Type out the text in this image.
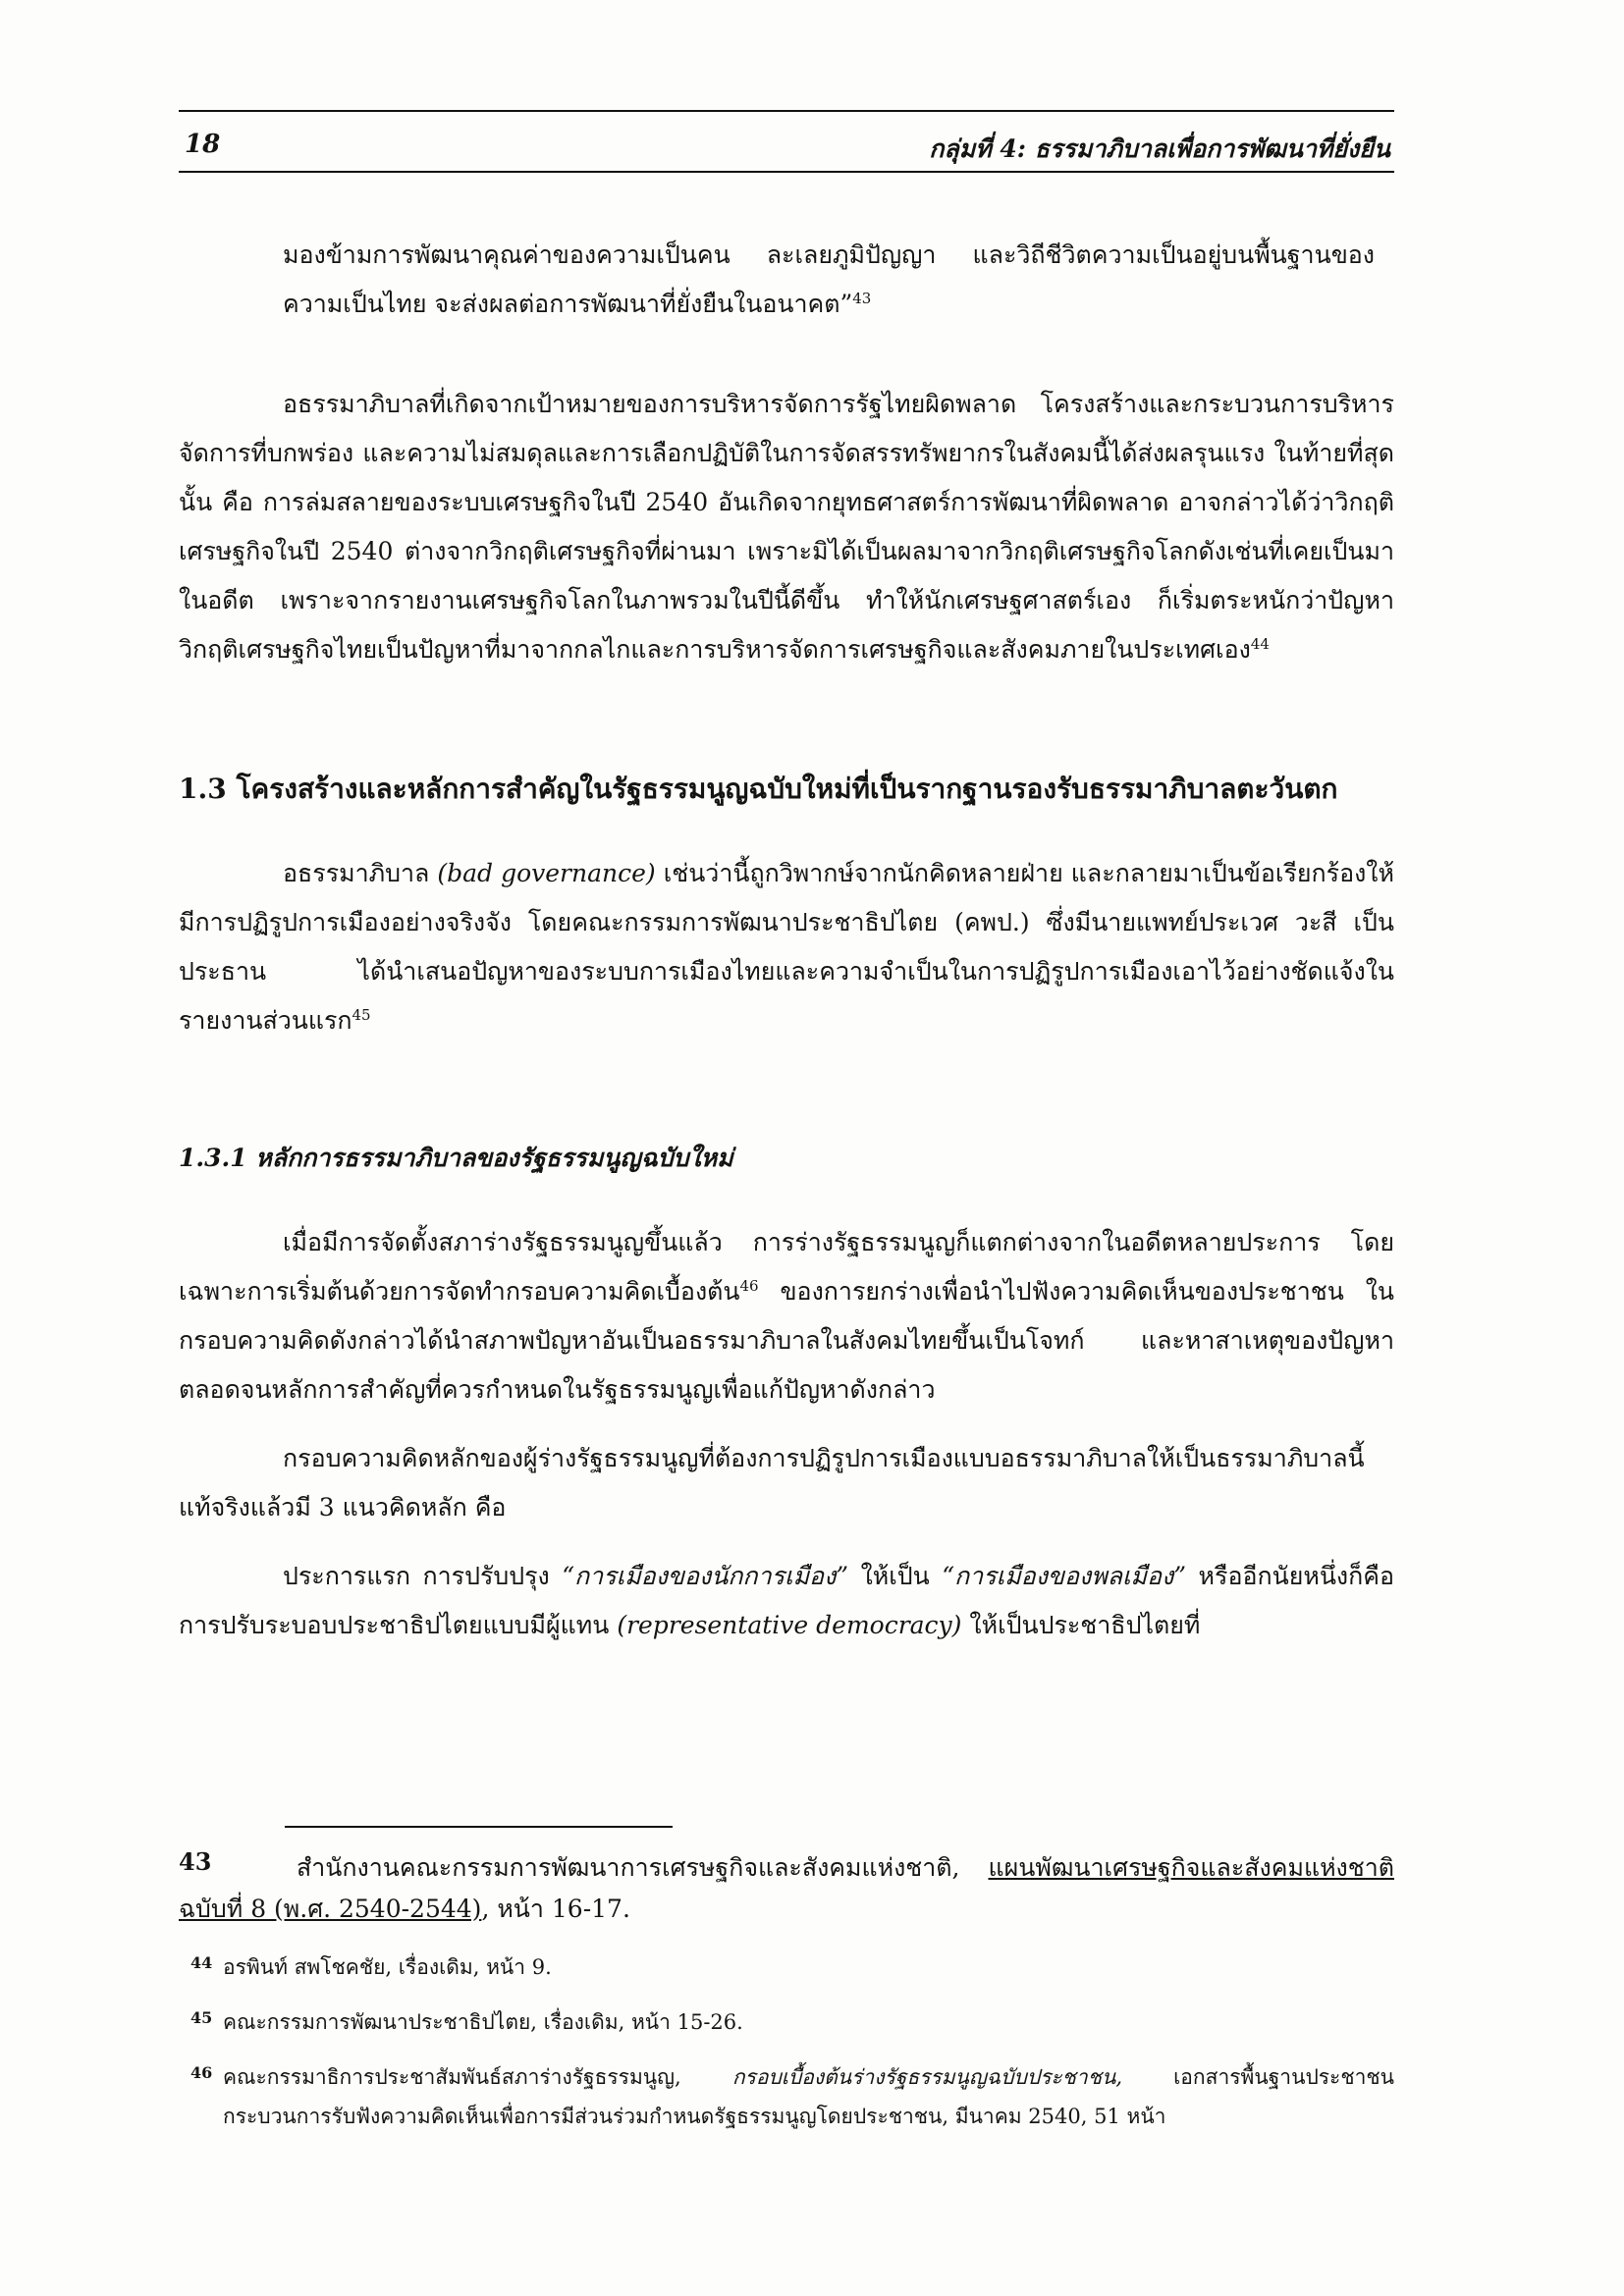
18	กลุ่มที่ 4: ธรรมาภิบาลเพื่อการพัฒนาที่ยั่งยืน

มองข้ามการพัฒนาคุณค่าของความเป็นคน ละเลยภูมิปัญญา และวิถีชีวิตความเป็นอยู่บนพื้นฐานของความเป็นไทย จะส่งผลต่อการพัฒนาที่ยั่งยืนในอนาคต”$^{43}$

อธรรมาภิบาลที่เกิดจากเป้าหมายของการบริหารจัดการรัฐไทยผิดพลาด โครงสร้างและกระบวนการบริหารจัดการที่บกพร่อง และความไม่สมดุลและการเลือกปฏิบัติในการจัดสรรทรัพยากรในสังคมนี้ได้ส่งผลรุนแรง ในท้ายที่สุดนั้น คือ การล่มสลายของระบบเศรษฐกิจในปี 2540 อันเกิดจากยุทธศาสตร์การพัฒนาที่ผิดพลาด อาจกล่าวได้ว่าวิกฤติเศรษฐกิจในปี 2540 ต่างจากวิกฤติเศรษฐกิจที่ผ่านมา เพราะมิได้เป็นผลมาจากวิกฤติเศรษฐกิจโลกดังเช่นที่เคยเป็นมาในอดีต เพราะจากรายงานเศรษฐกิจโลกในภาพรวมในปีนี้ดีขึ้น ทำให้นักเศรษฐศาสตร์เอง ก็เริ่มตระหนักว่าปัญหาวิกฤติเศรษฐกิจไทยเป็นปัญหาที่มาจากกลไกและการบริหารจัดการเศรษฐกิจและสังคมภายในประเทศเอง$^{44}$

1.3 โครงสร้างและหลักการสำคัญในรัฐธรรมนูญฉบับใหม่ที่เป็นรากฐานรองรับธรรมาภิบาลตะวันตก

อธรรมาภิบาล (bad governance) เช่นว่านี้ถูกวิพากษ์จากนักคิดหลายฝ่าย และกลายมาเป็นข้อเรียกร้องให้มีการปฏิรูปการเมืองอย่างจริงจัง โดยคณะกรรมการพัฒนาประชาธิปไตย (คพป.) ซึ่งมีนายแพทย์ประเวศ วะสี เป็นประธาน ได้นำเสนอปัญหาของระบบการเมืองไทยและความจำเป็นในการปฏิรูปการเมืองเอาไว้อย่างชัดแจ้งในรายงานส่วนแรก$^{45}$

1.3.1 หลักการธรรมาภิบาลของรัฐธรรมนูญฉบับใหม่

เมื่อมีการจัดตั้งสภาร่างรัฐธรรมนูญขึ้นแล้ว การร่างรัฐธรรมนูญก็แตกต่างจากในอดีตหลายประการ โดยเฉพาะการเริ่มต้นด้วยการจัดทำกรอบความคิดเบื้องต้น$^{46}$ ของการยกร่างเพื่อนำไปฟังความคิดเห็นของประชาชน ในกรอบความคิดดังกล่าวได้นำสภาพปัญหาอันเป็นอธรรมาภิบาลในสังคมไทยขึ้นเป็นโจทก์ และหาสาเหตุของปัญหา ตลอดจนหลักการสำคัญที่ควรกำหนดในรัฐธรรมนูญเพื่อแก้ปัญหาดังกล่าว

กรอบความคิดหลักของผู้ร่างรัฐธรรมนูญที่ต้องการปฏิรูปการเมืองแบบอธรรมาภิบาลให้เป็นธรรมาภิบาลนี้ แท้จริงแล้วมี 3 แนวคิดหลัก คือ

ประการแรก การปรับปรุง “การเมืองของนักการเมือง” ให้เป็น “การเมืองของพลเมือง” หรืออีกนัยหนึ่งก็คือ การปรับระบอบประชาธิปไตยแบบมีผู้แทน (representative democracy) ให้เป็นประชาธิปไตยที่

43	สำนักงานคณะกรรมการพัฒนาการเศรษฐกิจและสังคมแห่งชาติ, แผนพัฒนาเศรษฐกิจและสังคมแห่งชาติ ฉบับที่ 8 (พ.ศ. 2540-2544), หน้า 16-17.
44 อรพินท์ สพโชคชัย, เรื่องเดิม, หน้า 9.
45 คณะกรรมการพัฒนาประชาธิปไตย, เรื่องเดิม, หน้า 15-26.
46 คณะกรรมาธิการประชาสัมพันธ์สภาร่างรัฐธรรมนูญ, กรอบเบื้องต้นร่างรัฐธรรมนูญฉบับประชาชน, เอกสารพื้นฐานประชาชนกระบวนการรับฟังความคิดเห็นเพื่อการมีส่วนร่วมกำหนดรัฐธรรมนูญโดยประชาชน, มีนาคม 2540, 51 หน้า
